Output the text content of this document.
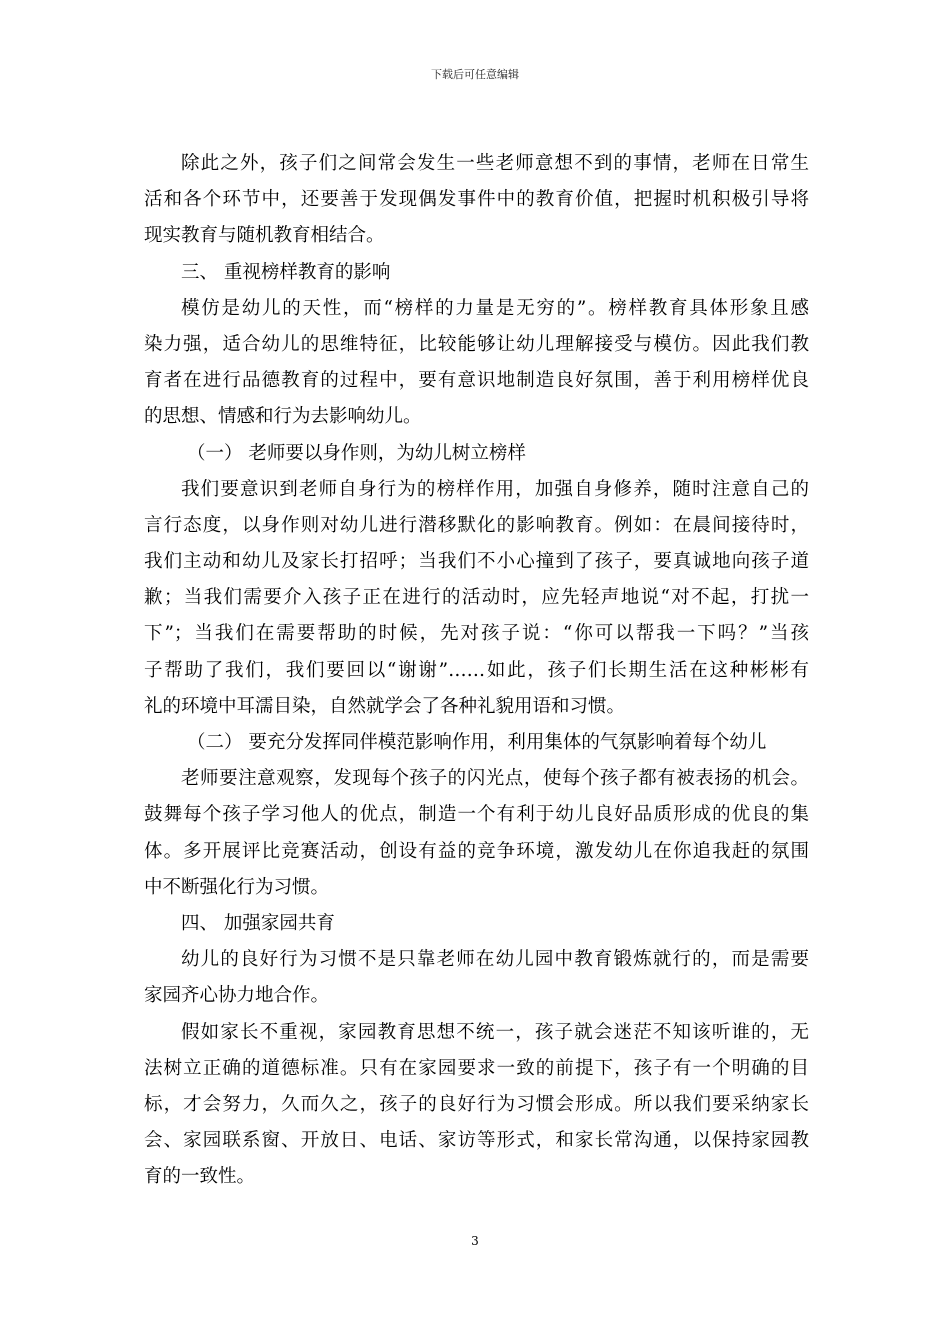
下载后可任意编辑
除此之外，孩子们之间常会发生一些老师意想不到的事情，老师在日常生
活和各个环节中，还要善于发现偶发事件中的教育价值，把握时机积极引导将
现实教育与随机教育相结合。
三、 重视榜样教育的影响
模仿是幼儿的天性，而“榜样的力量是无穷的”。榜样教育具体形象且感
染力强，适合幼儿的思维特征，比较能够让幼儿理解接受与模仿。因此我们教
育者在进行品德教育的过程中，要有意识地制造良好氛围，善于利用榜样优良
的思想、情感和行为去影响幼儿。
（一） 老师要以身作则，为幼儿树立榜样
我们要意识到老师自身行为的榜样作用，加强自身修养，随时注意自己的
言行态度，以身作则对幼儿进行潜移默化的影响教育。例如：在晨间接待时，
我们主动和幼儿及家长打招呼；当我们不小心撞到了孩子，要真诚地向孩子道
歉；当我们需要介入孩子正在进行的活动时，应先轻声地说“对不起，打扰一
下”；当我们在需要帮助的时候，先对孩子说：“你可以帮我一下吗？”当孩
子帮助了我们，我们要回以“谢谢”……如此，孩子们长期生活在这种彬彬有
礼的环境中耳濡目染，自然就学会了各种礼貌用语和习惯。
（二） 要充分发挥同伴模范影响作用，利用集体的气氛影响着每个幼儿
老师要注意观察，发现每个孩子的闪光点，使每个孩子都有被表扬的机会。
鼓舞每个孩子学习他人的优点，制造一个有利于幼儿良好品质形成的优良的集
体。多开展评比竞赛活动，创设有益的竞争环境，激发幼儿在你追我赶的氛围
中不断强化行为习惯。
四、 加强家园共育
幼儿的良好行为习惯不是只靠老师在幼儿园中教育锻炼就行的，而是需要
家园齐心协力地合作。
假如家长不重视，家园教育思想不统一，孩子就会迷茫不知该听谁的，无
法树立正确的道德标准。只有在家园要求一致的前提下，孩子有一个明确的目
标，才会努力，久而久之，孩子的良好行为习惯会形成。所以我们要采纳家长
会、家园联系窗、开放日、电话、家访等形式，和家长常沟通，以保持家园教
育的一致性。
3
